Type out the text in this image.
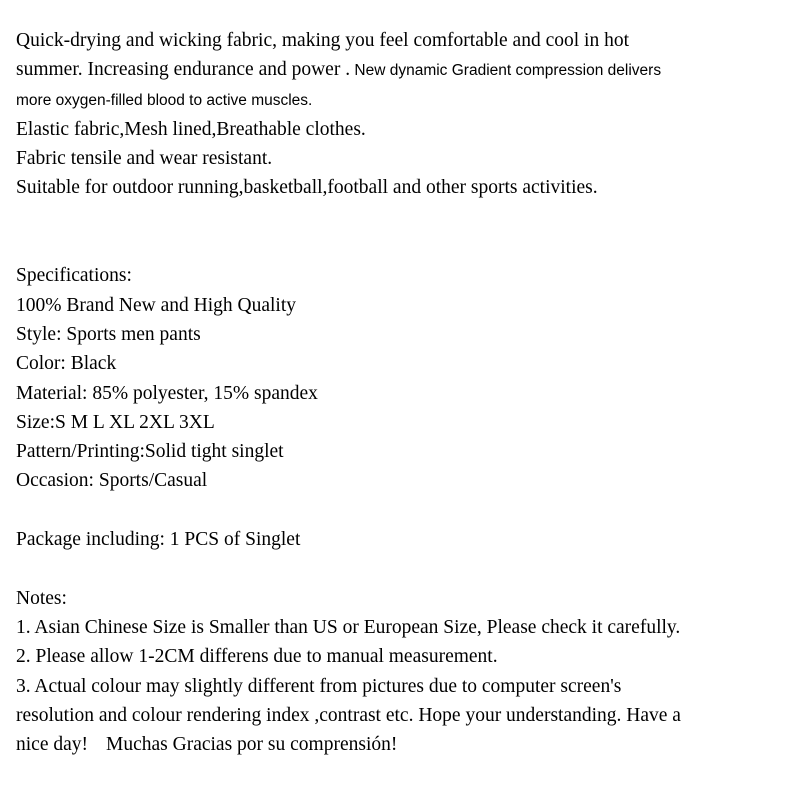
Quick-drying and wicking fabric, making you feel comfortable and cool in hot
summer. Increasing endurance and power . New dynamic Gradient compression delivers
more oxygen-filled blood to active muscles.
Elastic fabric,Mesh lined,Breathable clothes.
Fabric tensile and wear resistant.
Suitable for outdoor running,basketball,football and other sports activities.
Specifications:
100% Brand New and High Quality
Style: Sports men pants
Color: Black
Material: 85% polyester, 15% spandex
Size:S M L XL 2XL 3XL
Pattern/Printing:Solid tight singlet
Occasion: Sports/Casual
Package including: 1 PCS of Singlet
Notes:
1. Asian Chinese Size is Smaller than US or European Size, Please check it carefully.
2. Please allow 1-2CM differens due to manual measurement.
3. Actual colour may slightly different from pictures due to computer screen's
resolution and colour rendering index ,contrast etc. Hope your understanding. Have a
nice day! Muchas Gracias por su comprensión!
